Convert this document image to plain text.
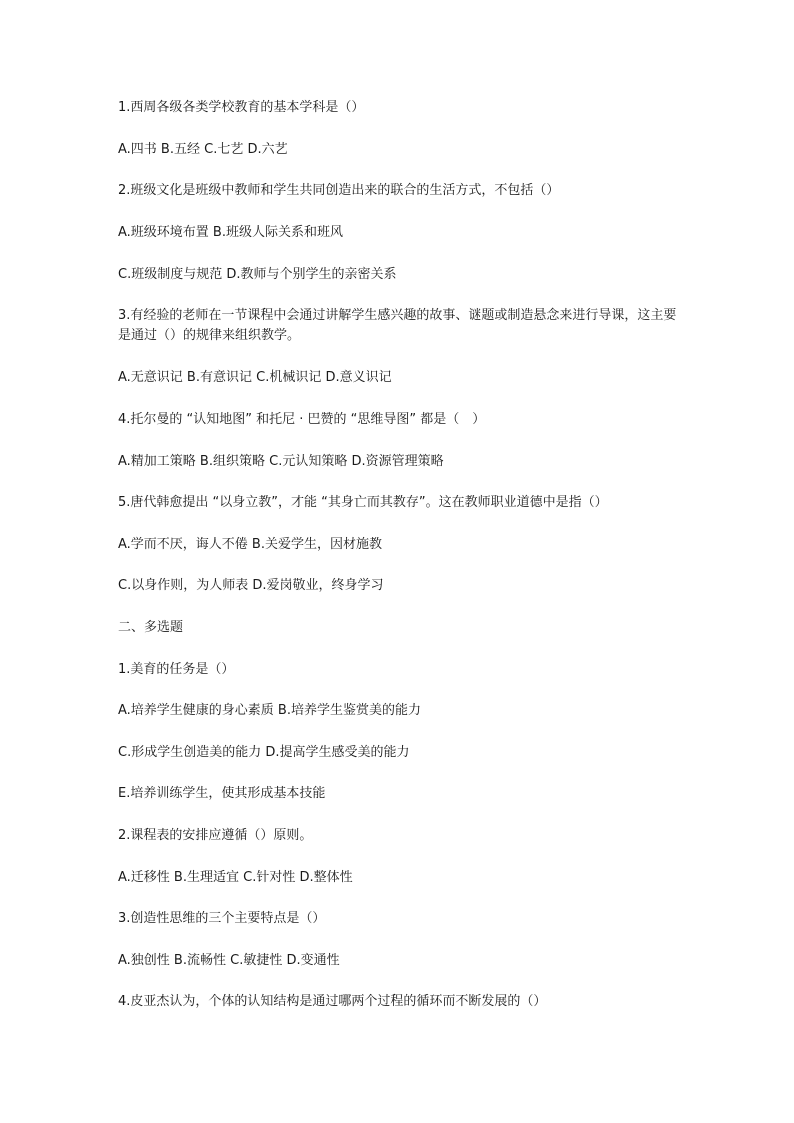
1.西周各级各类学校教育的基本学科是（）
A.四书 B.五经 C.七艺 D.六艺
2.班级文化是班级中教师和学生共同创造出来的联合的生活方式，不包括（）
A.班级环境布置 B.班级人际关系和班风
C.班级制度与规范 D.教师与个别学生的亲密关系
3.有经验的老师在一节课程中会通过讲解学生感兴趣的故事、谜题或制造悬念来进行导课，这主要是通过（）的规律来组织教学。
A.无意识记 B.有意识记 C.机械识记 D.意义识记
4.托尔曼的 “认知地图” 和托尼 · 巴赞的 “思维导图” 都是（　）
A.精加工策略 B.组织策略 C.元认知策略 D.资源管理策略
5.唐代韩愈提出 “以身立教”，才能 “其身亡而其教存”。这在教师职业道德中是指（）
A.学而不厌，诲人不倦 B.关爱学生，因材施教
C.以身作则，为人师表 D.爱岗敬业，终身学习
二、多选题
1.美育的任务是（）
A.培养学生健康的身心素质 B.培养学生鉴赏美的能力
C.形成学生创造美的能力 D.提高学生感受美的能力
E.培养训练学生，使其形成基本技能
2.课程表的安排应遵循（）原则。
A.迁移性 B.生理适宜 C.针对性 D.整体性
3.创造性思维的三个主要特点是（）
A.独创性 B.流畅性 C.敏捷性 D.变通性
4.皮亚杰认为，个体的认知结构是通过哪两个过程的循环而不断发展的（）
